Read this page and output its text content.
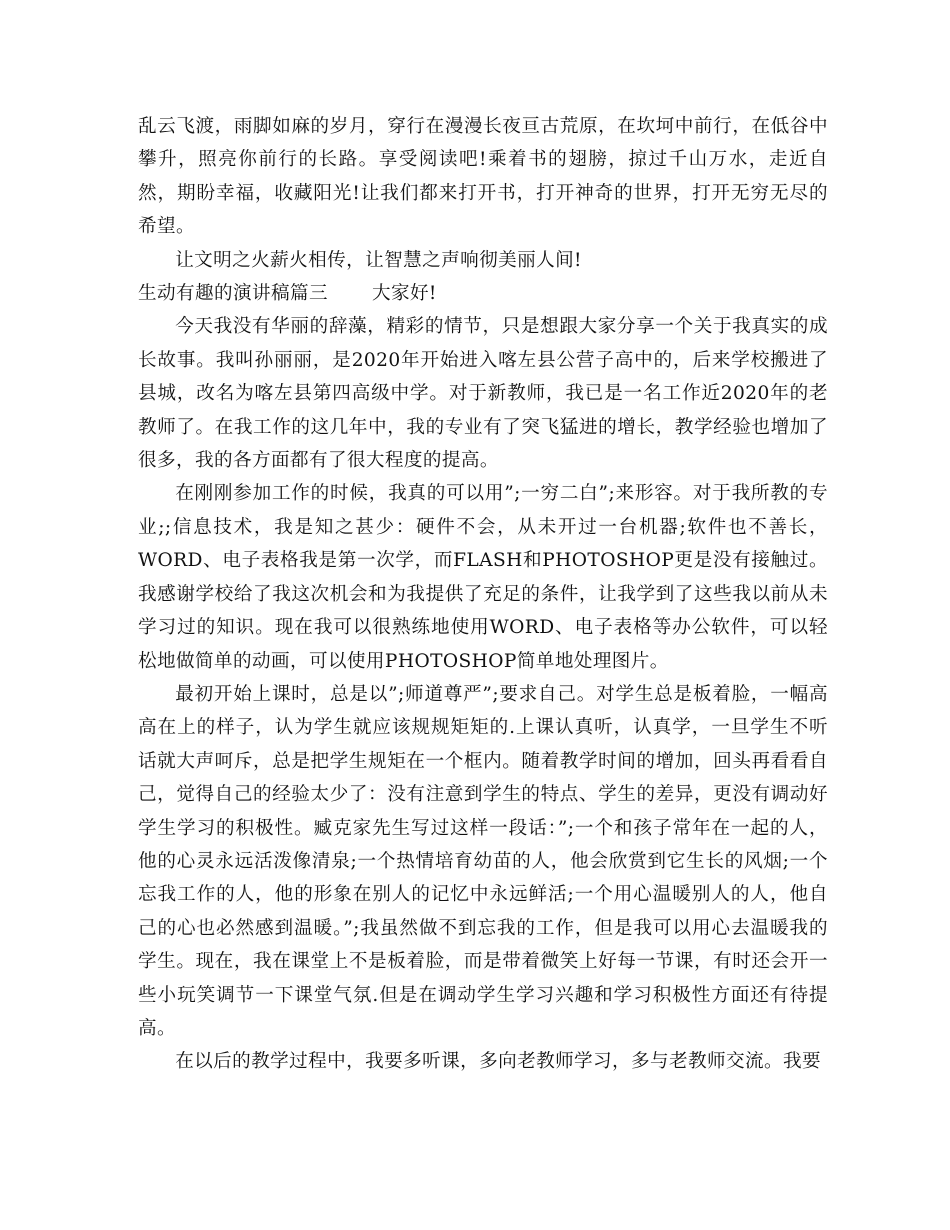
乱云飞渡，雨脚如麻的岁月，穿行在漫漫长夜亘古荒原，在坎坷中前行，在低谷中攀升，照亮你前行的长路。享受阅读吧!乘着书的翅膀，掠过千山万水，走近自然，期盼幸福，收藏阳光!让我们都来打开书，打开神奇的世界，打开无穷无尽的希望。

让文明之火薪火相传，让智慧之声响彻美丽人间!

生动有趣的演讲稿篇三 大家好!

今天我没有华丽的辞藻，精彩的情节，只是想跟大家分享一个关于我真实的成长故事。我叫孙丽丽，是2020年开始进入喀左县公营子高中的，后来学校搬进了县城，改名为喀左县第四高级中学。对于新教师，我已是一名工作近2020年的老教师了。在我工作的这几年中，我的专业有了突飞猛进的增长，教学经验也增加了很多，我的各方面都有了很大程度的提高。

在刚刚参加工作的时候，我真的可以用”;一穷二白”;来形容。对于我所教的专业;;信息技术，我是知之甚少：硬件不会，从未开过一台机器;软件也不善长，WORD、电子表格我是第一次学，而FLASH和PHOTOSHOP更是没有接触过。我感谢学校给了我这次机会和为我提供了充足的条件，让我学到了这些我以前从未学习过的知识。现在我可以很熟练地使用WORD、电子表格等办公软件，可以轻松地做简单的动画，可以使用PHOTOSHOP简单地处理图片。

最初开始上课时，总是以”;师道尊严”;要求自己。对学生总是板着脸，一幅高高在上的样子，认为学生就应该规规矩矩的.上课认真听，认真学，一旦学生不听话就大声呵斥，总是把学生规矩在一个框内。随着教学时间的增加，回头再看看自己，觉得自己的经验太少了：没有注意到学生的特点、学生的差异，更没有调动好学生学习的积极性。臧克家先生写过这样一段话：”;一个和孩子常年在一起的人，他的心灵永远活泼像清泉;一个热情培育幼苗的人，他会欣赏到它生长的风烟;一个忘我工作的人，他的形象在别人的记忆中永远鲜活;一个用心温暖别人的人，他自己的心也必然感到温暖。”;我虽然做不到忘我的工作，但是我可以用心去温暖我的学生。现在，我在课堂上不是板着脸，而是带着微笑上好每一节课，有时还会开一些小玩笑调节一下课堂气氛.但是在调动学生学习兴趣和学习积极性方面还有待提高。

在以后的教学过程中，我要多听课，多向老教师学习，多与老教师交流。我要
